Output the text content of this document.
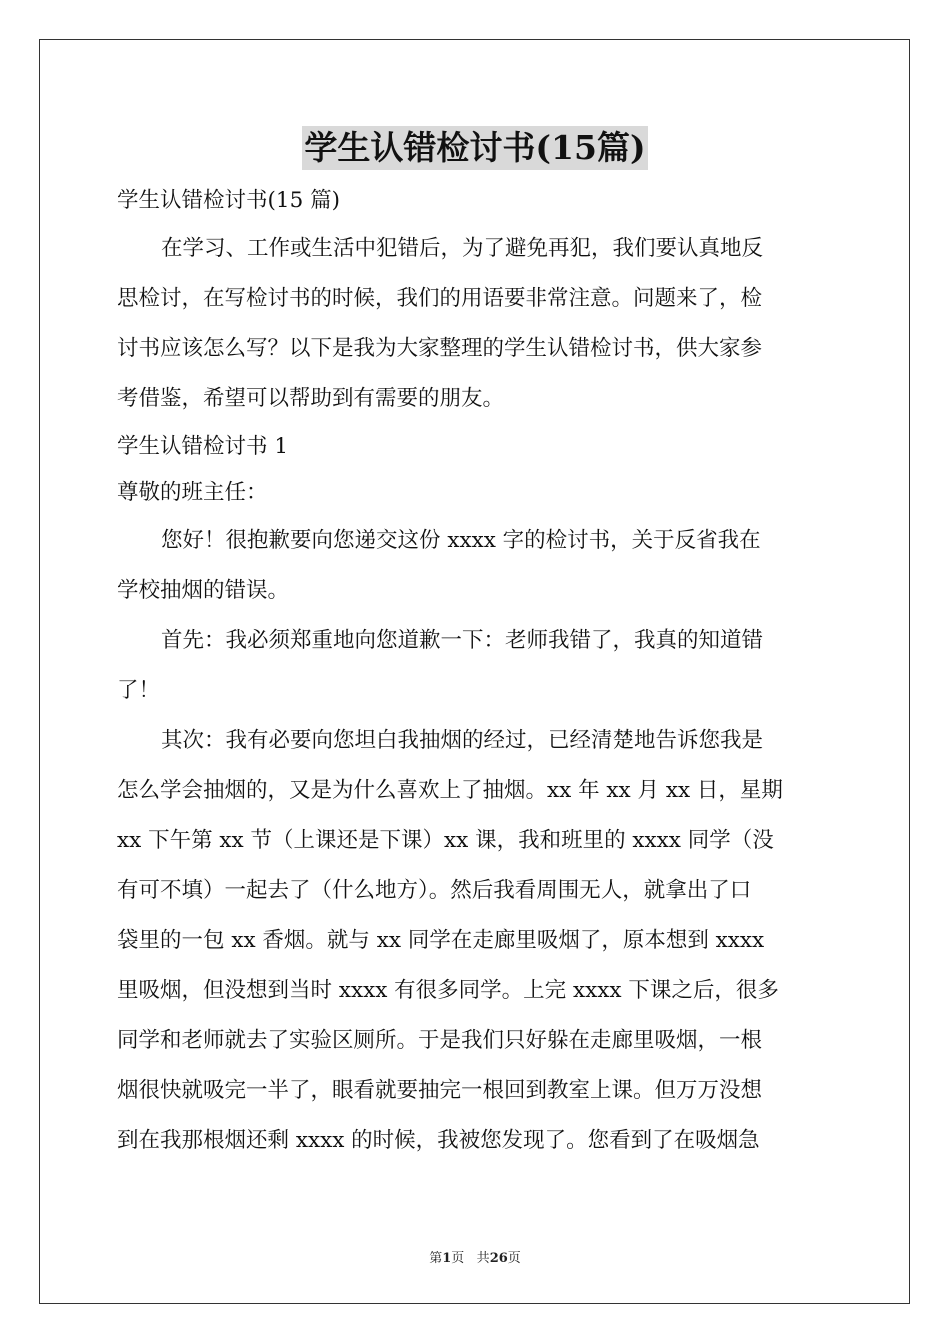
学生认错检讨书(15篇)
学生认错检讨书(15 篇)
在学习、工作或生活中犯错后，为了避免再犯，我们要认真地反
思检讨，在写检讨书的时候，我们的用语要非常注意。问题来了，检
讨书应该怎么写？以下是我为大家整理的学生认错检讨书，供大家参
考借鉴，希望可以帮助到有需要的朋友。
学生认错检讨书 1
尊敬的班主任：
您好！很抱歉要向您递交这份 xxxx 字的检讨书，关于反省我在
学校抽烟的错误。
首先：我必须郑重地向您道歉一下：老师我错了，我真的知道错
了！
其次：我有必要向您坦白我抽烟的经过，已经清楚地告诉您我是
怎么学会抽烟的，又是为什么喜欢上了抽烟。xx 年 xx 月 xx 日，星期
xx 下午第 xx 节（上课还是下课）xx 课，我和班里的 xxxx 同学（没
有可不填）一起去了（什么地方）。然后我看周围无人，就拿出了口
袋里的一包 xx 香烟。就与 xx 同学在走廊里吸烟了，原本想到 xxxx
里吸烟，但没想到当时 xxxx 有很多同学。上完 xxxx 下课之后，很多
同学和老师就去了实验区厕所。于是我们只好躲在走廊里吸烟，一根
烟很快就吸完一半了，眼看就要抽完一根回到教室上课。但万万没想
到在我那根烟还剩 xxxx 的时候，我被您发现了。您看到了在吸烟急
第1页 共26页
